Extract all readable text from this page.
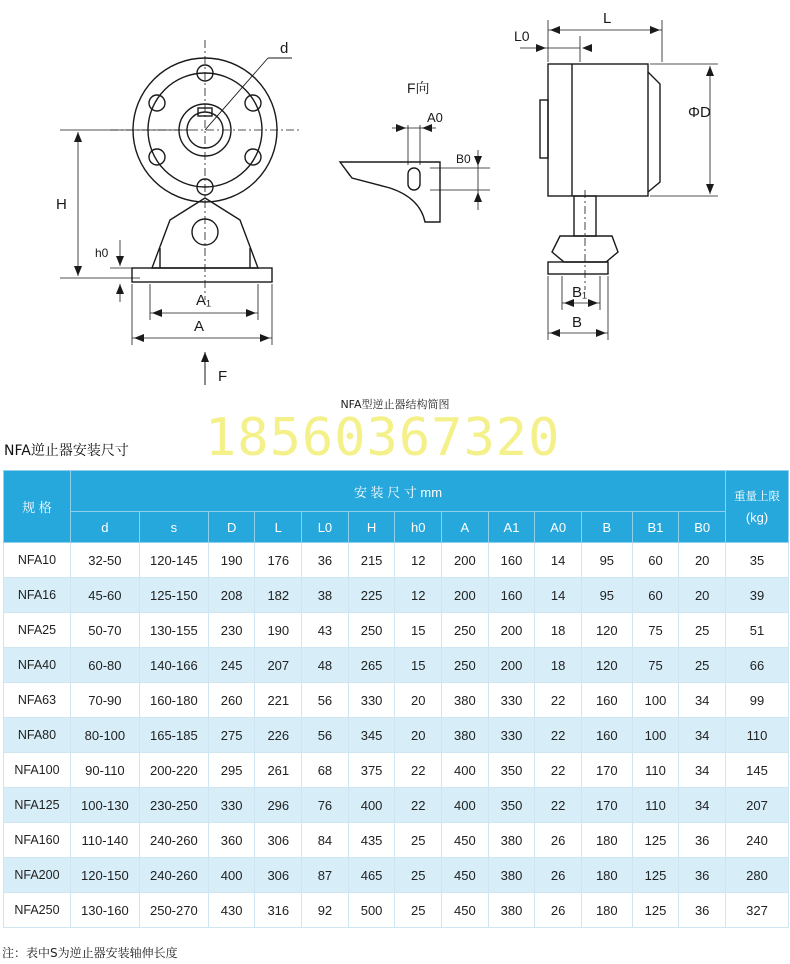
d
H
h0
A₁
A
F
F向
A0
B0
L0
L
ΦD
B₁
B
NFA型逆止器结构简图
NFA逆止器安装尺寸 18560367320
规 格	安 装 尺 寸 mm													重量上限
(kg)

	d	s	D	L	L0	H	h0	A	A1	A0	B	B1	B0	
NFA10	32-50	120-145	190	176	36	215	12	200	160	14	95	60	20	35
NFA16	45-60	125-150	208	182	38	225	12	200	160	14	95	60	20	39
NFA25	50-70	130-155	230	190	43	250	15	250	200	18	120	75	25	51
NFA40	60-80	140-166	245	207	48	265	15	250	200	18	120	75	25	66
NFA63	70-90	160-180	260	221	56	330	20	380	330	22	160	100	34	99
NFA80	80-100	165-185	275	226	56	345	20	380	330	22	160	100	34	110
NFA100	90-110	200-220	295	261	68	375	22	400	350	22	170	110	34	145
NFA125	100-130	230-250	330	296	76	400	22	400	350	22	170	110	34	207
NFA160	110-140	240-260	360	306	84	435	25	450	380	26	180	125	36	240
NFA200	120-150	240-260	400	306	87	465	25	450	380	26	180	125	36	280
NFA250	130-160	250-270	430	316	92	500	25	450	380	26	180	125	36	327
注：表中S为逆止器安装轴伸长度
